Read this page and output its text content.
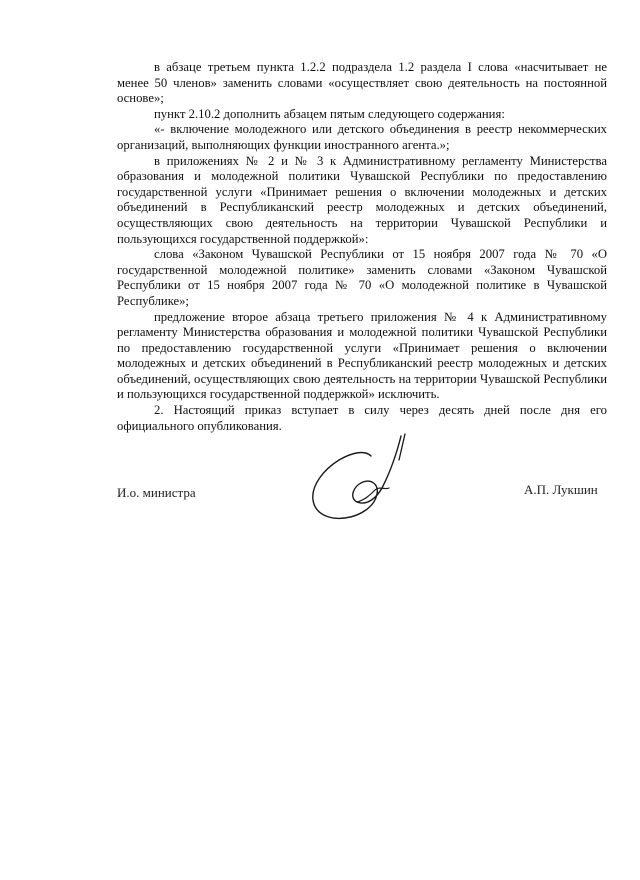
в абзаце третьем пункта 1.2.2 подраздела 1.2 раздела I слова «насчитывает не менее 50 членов» заменить словами «осуществляет свою деятельность на постоянной основе»;

пункт 2.10.2 дополнить абзацем пятым следующего содержания:

«- включение молодежного или детского объединения в реестр некоммерческих организаций, выполняющих функции иностранного агента.»;

в приложениях № 2 и № 3 к Административному регламенту Министерства образования и молодежной политики Чувашской Республики по предоставлению государственной услуги «Принимает решения о включении молодежных и детских объединений в Республиканский реестр молодежных и детских объединений, осуществляющих свою деятельность на территории Чувашской Республики и пользующихся государственной поддержкой»:

слова «Законом Чувашской Республики от 15 ноября 2007 года № 70 «О государственной молодежной политике» заменить словами «Законом Чувашской Республики от 15 ноября 2007 года № 70 «О молодежной политике в Чувашской Республике»;

предложение второе абзаца третьего приложения № 4 к Административному регламенту Министерства образования и молодежной политики Чувашской Республики по предоставлению государственной услуги «Принимает решения о включении молодежных и детских объединений в Республиканский реестр молодежных и детских объединений, осуществляющих свою деятельность на территории Чувашской Республики и пользующихся государственной поддержкой» исключить.

2. Настоящий приказ вступает в силу через десять дней после дня его официального опубликования.

И.о. министра	А.П. Лукшин
